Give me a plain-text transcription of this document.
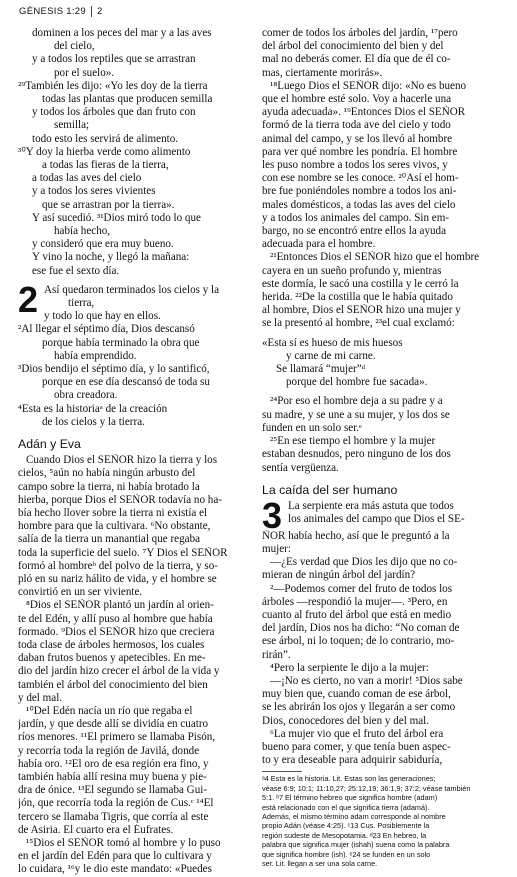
GÉNESIS 1:29 2
dominen a los peces del mar y a las aves
del cielo,
y a todos los reptiles que se arrastran
por el suelo».
²⁹También les dijo: «Yo les doy de la tierra
todas las plantas que producen semilla
y todos los árboles que dan fruto con
semilla;
todo esto les servirá de alimento.
³⁰Y doy la hierba verde como alimento
a todas las fieras de la tierra,
a todas las aves del cielo
y a todos los seres vivientes
que se arrastran por la tierra».
Y así sucedió. ³¹Dios miró todo lo que
había hecho,
y consideró que era muy bueno.
Y vino la noche, y llegó la mañana:
ese fue el sexto día.
2 Así quedaron terminados los cielos y la
tierra,
y todo lo que hay en ellos.
²Al llegar el séptimo día, Dios descansó
porque había terminado la obra que
había emprendido.
³Dios bendijo el séptimo día, y lo santificó,
porque en ese día descansó de toda su
obra creadora.
⁴Esta es la historiaᵃ de la creación
de los cielos y la tierra.
Adán y Eva
Cuando Dios el SEÑOR hizo la tierra y los
cielos, ⁵aún no había ningún arbusto del
campo sobre la tierra, ni había brotado la
hierba, porque Dios el SEÑOR todavía no ha-
bía hecho llover sobre la tierra ni existía el
hombre para que la cultivara. ⁶No obstante,
salía de la tierra un manantial que regaba
toda la superficie del suelo. ⁷Y Dios el SEÑOR
formó al hombreᵇ del polvo de la tierra, y so-
pló en su nariz hálito de vida, y el hombre se
convirtió en un ser viviente.
⁸Dios el SEÑOR plantó un jardín al orien-
te del Edén, y allí puso al hombre que había
formado. ⁹Dios el SEÑOR hizo que creciera
toda clase de árboles hermosos, los cuales
daban frutos buenos y apetecibles. En me-
dio del jardín hizo crecer el árbol de la vida y
también el árbol del conocimiento del bien
y del mal.
¹⁰Del Edén nacía un río que regaba el
jardín, y que desde allí se dividía en cuatro
ríos menores. ¹¹El primero se llamaba Pisón,
y recorría toda la región de Javilá, donde
había oro. ¹²El oro de esa región era fino, y
también había allí resina muy buena y pie-
dra de ónice. ¹³El segundo se llamaba Gui-
jón, que recorría toda la región de Cus.ᶜ ¹⁴El
tercero se llamaba Tigris, que corría al este
de Asiria. El cuarto era el Éufrates.
¹⁵Dios el SEÑOR tomó al hombre y lo puso
en el jardín del Edén para que lo cultivara y
lo cuidara, ¹⁶y le dio este mandato: «Puedes
comer de todos los árboles del jardín, ¹⁷pero
del árbol del conocimiento del bien y del
mal no deberás comer. El día que de él co-
mas, ciertamente morirás».
¹⁸Luego Dios el SEÑOR dijo: «No es bueno
que el hombre esté solo. Voy a hacerle una
ayuda adecuada». ¹⁹Entonces Dios el SEÑOR
formó de la tierra toda ave del cielo y todo
animal del campo, y se los llevó al hombre
para ver qué nombre les pondría. El hombre
les puso nombre a todos los seres vivos, y
con ese nombre se les conoce. ²⁰Así el hom-
bre fue poniéndoles nombre a todos los ani-
males domésticos, a todas las aves del cielo
y a todos los animales del campo. Sin em-
bargo, no se encontró entre ellos la ayuda
adecuada para el hombre.
²¹Entonces Dios el SEÑOR hizo que el hombre
cayera en un sueño profundo y, mientras
este dormía, le sacó una costilla y le cerró la
herida. ²²De la costilla que le había quitado
al hombre, Dios el SEÑOR hizo una mujer y
se la presentó al hombre, ²³el cual exclamó:
«Esta sí es hueso de mis huesos
y carne de mi carne.
Se llamará “mujer”ᵈ
porque del hombre fue sacada».
²⁴Por eso el hombre deja a su padre y a
su madre, y se une a su mujer, y los dos se
funden en un solo ser.ᵉ
²⁵En ese tiempo el hombre y la mujer
estaban desnudos, pero ninguno de los dos
sentía vergüenza.
La caída del ser humano
3 La serpiente era más astuta que todos
los animales del campo que Dios el SE-
ÑOR había hecho, así que le preguntó a la
mujer:
—¿Es verdad que Dios les dijo que no co-
mieran de ningún árbol del jardín?
²—Podemos comer del fruto de todos los
árboles —respondió la mujer—. ³Pero, en
cuanto al fruto del árbol que está en medio
del jardín, Dios nos ha dicho: “No coman de
ese árbol, ni lo toquen; de lo contrario, mo-
rirán”.
⁴Pero la serpiente le dijo a la mujer:
—¡No es cierto, no van a morir! ⁵Dios sabe
muy bien que, cuando coman de ese árbol,
se les abrirán los ojos y llegarán a ser como
Dios, conocedores del bien y del mal.
⁶La mujer vio que el fruto del árbol era
bueno para comer, y que tenía buen aspec-
to y era deseable para adquirir sabiduría,
ᵃ4 Esta es la historia. Lit. Estas son las generaciones;
véase 6:9; 10:1; 11:10,27; 25:12,19; 36:1,9; 37:2; véase también
5:1. ᵇ7 El término hebreo que significa hombre (adam)
está relacionado con el que significa tierra (adamá).
Además, el mismo término adam corresponde al nombre
propio Adán (véase 4:25). ᶜ13 Cus. Posiblemente la
región sudeste de Mesopotamia. ᵈ23 En hebreo, la
palabra que significa mujer (ishah) suena como la palabra
que significa hombre (ish). ᵉ24 se funden en un solo
ser. Lit. llegan a ser una sola carne.
